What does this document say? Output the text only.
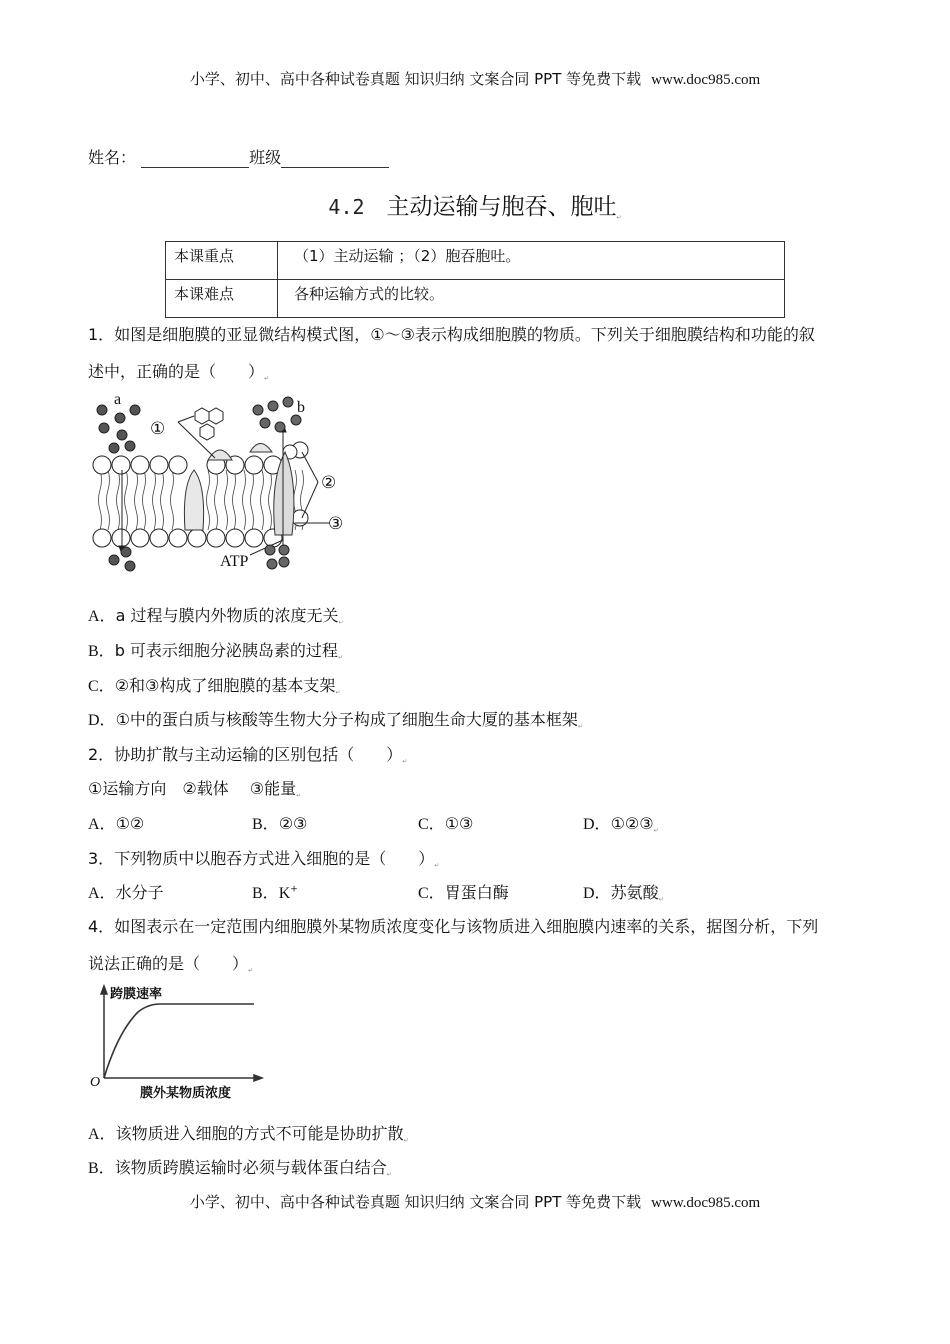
小学、初中、高中各种试卷真题 知识归纳 文案合同 PPT 等免费下载 www.doc985.com
姓名：	班级
4.2 主动运输与胞吞、胞吐↵
本课重点	（1）主动运输 ；（2）胞吞胞吐。
本课难点	各种运输方式的比较。
1．如图是细胞膜的亚显微结构模式图，①～③表示构成细胞膜的物质。下列关于细胞膜结构和功能的叙
述中，正确的是（　　）↵
a	b
ATP
①
②
③
A．a 过程与膜内外物质的浓度无关↵
B．b 可表示细胞分泌胰岛素的过程↵
C．②和③构成了细胞膜的基本支架↵
D．①中的蛋白质与核酸等生物大分子构成了细胞生命大厦的基本框架↵
2．协助扩散与主动运输的区别包括（　　）↵
①运输方向　②载体　 ③能量↵
A．①②	B．②③	C．①③	D．①②③↵
3．下列物质中以胞吞方式进入细胞的是（　　）↵
A．水分子	B．K+	C．胃蛋白酶	D．苏氨酸↵
4．如图表示在一定范围内细胞膜外某物质浓度变化与该物质进入细胞膜内速率的关系，据图分析，下列
说法正确的是（　　）↵
跨膜速率
膜外某物质浓度
O
A．该物质进入细胞的方式不可能是协助扩散↵
B．该物质跨膜运输时必须与载体蛋白结合↵
小学、初中、高中各种试卷真题 知识归纳 文案合同 PPT 等免费下载 www.doc985.com
